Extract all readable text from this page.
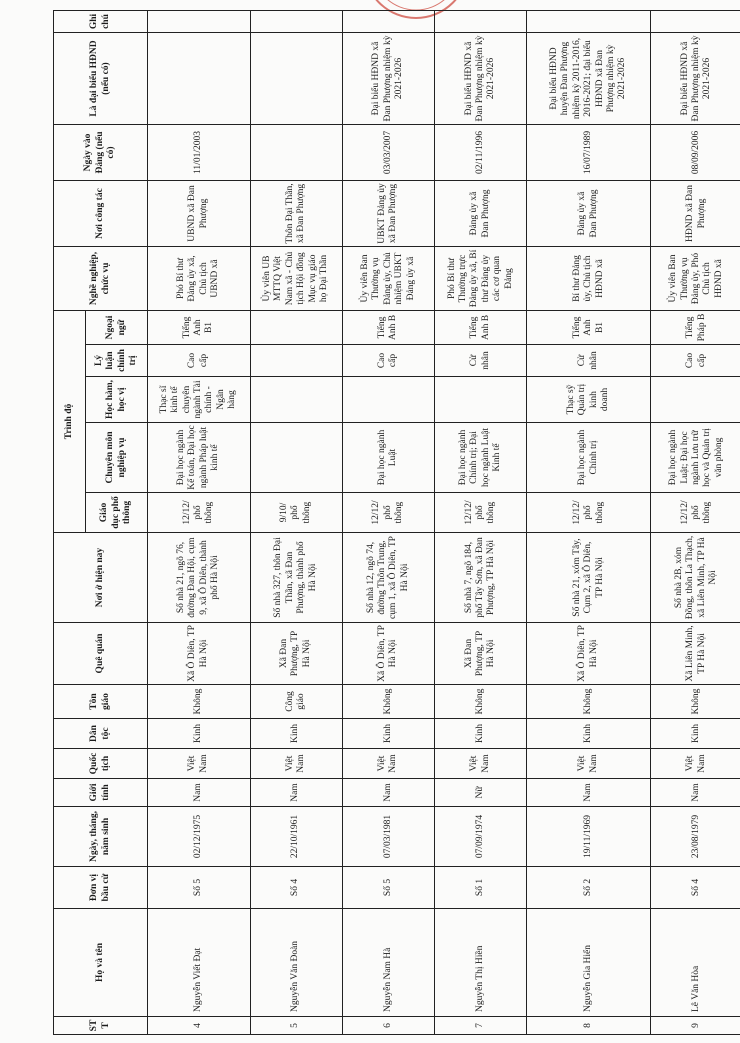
STT	Họ và tên	Đơn vị bầu cử	Ngày, tháng, năm sinh	Giới tính	Quốc tịch	Dân tộc	Tôn giáo	Quê quán	Nơi ở hiện nay	Trình độ					Nghề nghiệp, chức vụ	Nơi công tác	Ngày vào Đảng (nếu có)	Là đại biểu HĐND (nếu có)	Ghi chú
										Giáo dục phổ thông	Chuyên môn nghiệp vụ	Học hàm, học vị	Lý luận chính trị	Ngoại ngữ					
4	Nguyễn Viết Đạt	Số 5	02/12/1975	Nam	Việt Nam	Kinh	Không	Xã Ô Diên, TP Hà Nội	Số nhà 21, ngõ 76, đường Đan Hội, cụm 9, xã Ô Diên, thành phố Hà Nội	12/12/ phổ thông	Đại học ngành Kế toán, Đại học ngành Pháp luật kinh tế	Thạc sĩ kinh tế chuyên ngành Tài chính - Ngân hàng	Cao cấp	Tiếng Anh B1	Phó Bí thư Đảng ủy xã, Chủ tịch UBND xã	UBND xã Đan Phượng	11/01/2003		
5	Nguyễn Văn Đoàn	Số 4	22/10/1961	Nam	Việt Nam	Kinh	Công giáo	Xã Đan Phượng, TP Hà Nội	Số nhà 327, thôn Đại Thần, xã Đan Phượng, thành phố Hà Nội	9/10/ phổ thông					Ủy viên UB MTTQ Việt Nam xã - Chủ tịch Hội đồng Mục vụ giáo họ Đại Thần	Thôn Đại Thần, xã Đan Phượng			
6	Nguyễn Nam Hà	Số 5	07/03/1981	Nam	Việt Nam	Kinh	Không	Xã Ô Diên, TP Hà Nội	Số nhà 12, ngõ 74, đường Thôn Trung, cụm 1, xã Ô Diên, TP Hà Nội	12/12/ phổ thông	Đại học ngành Luật		Cao cấp	Tiếng Anh B	Ủy viên Ban Thường vụ Đảng ủy, Chủ nhiệm UBKT Đảng ủy xã	UBKT Đảng ủy xã Đan Phượng	03/03/2007	Đại biểu HĐND xã Đan Phượng nhiệm kỳ 2021-2026	
7	Nguyễn Thị Hiền	Số 1	07/09/1974	Nữ	Việt Nam	Kinh	Không	Xã Đan Phượng, TP Hà Nội	Số nhà 7, ngõ 184, phố Tây Sơn, xã Đan Phượng, TP Hà Nội	12/12/ phổ thông	Đại học ngành Chính trị; Đại học ngành Luật Kinh tế		Cử nhân	Tiếng Anh B	Phó Bí thư Thường trực Đảng ủy xã, Bí thư Đảng ủy các cơ quan Đảng	Đảng ủy xã Đan Phượng	02/11/1996	Đại biểu HĐND xã Đan Phượng nhiệm kỳ 2021-2026	
8	Nguyễn Gia Hiển	Số 2	19/11/1969	Nam	Việt Nam	Kinh	Không	Xã Ô Diên, TP Hà Nội	Số nhà 21, xóm Tây, Cụm 2, xã Ô Diên, TP Hà Nội	12/12/ phổ thông	Đại học ngành Chính trị	Thạc sỹ Quản trị kinh doanh	Cử nhân	Tiếng Anh B1	Bí thư Đảng ủy, Chủ tịch HĐND xã	Đảng ủy xã Đan Phượng	16/07/1989	Đại biểu HĐND huyện Đan Phượng nhiệm kỳ 2011-2016, 2016-2021; đại biểu HĐND xã Đan Phượng nhiệm kỳ 2021-2026	
9	Lê Văn Hòa	Số 4	23/08/1979	Nam	Việt Nam	Kinh	Không	Xã Liên Minh, TP Hà Nội	Số nhà 2B, xóm Đồng, thôn La Thạch, xã Liên Minh, TP Hà Nội	12/12/ phổ thông	Đại học ngành Luật; Đại học ngành Lưu trữ học và Quản trị văn phòng		Cao cấp	Tiếng Pháp B	Ủy viên Ban Thường vụ Đảng ủy, Phó Chủ tịch HĐND xã	HĐND xã Đan Phượng	08/09/2006	Đại biểu HĐND xã Đan Phượng nhiệm kỳ 2021-2026	
